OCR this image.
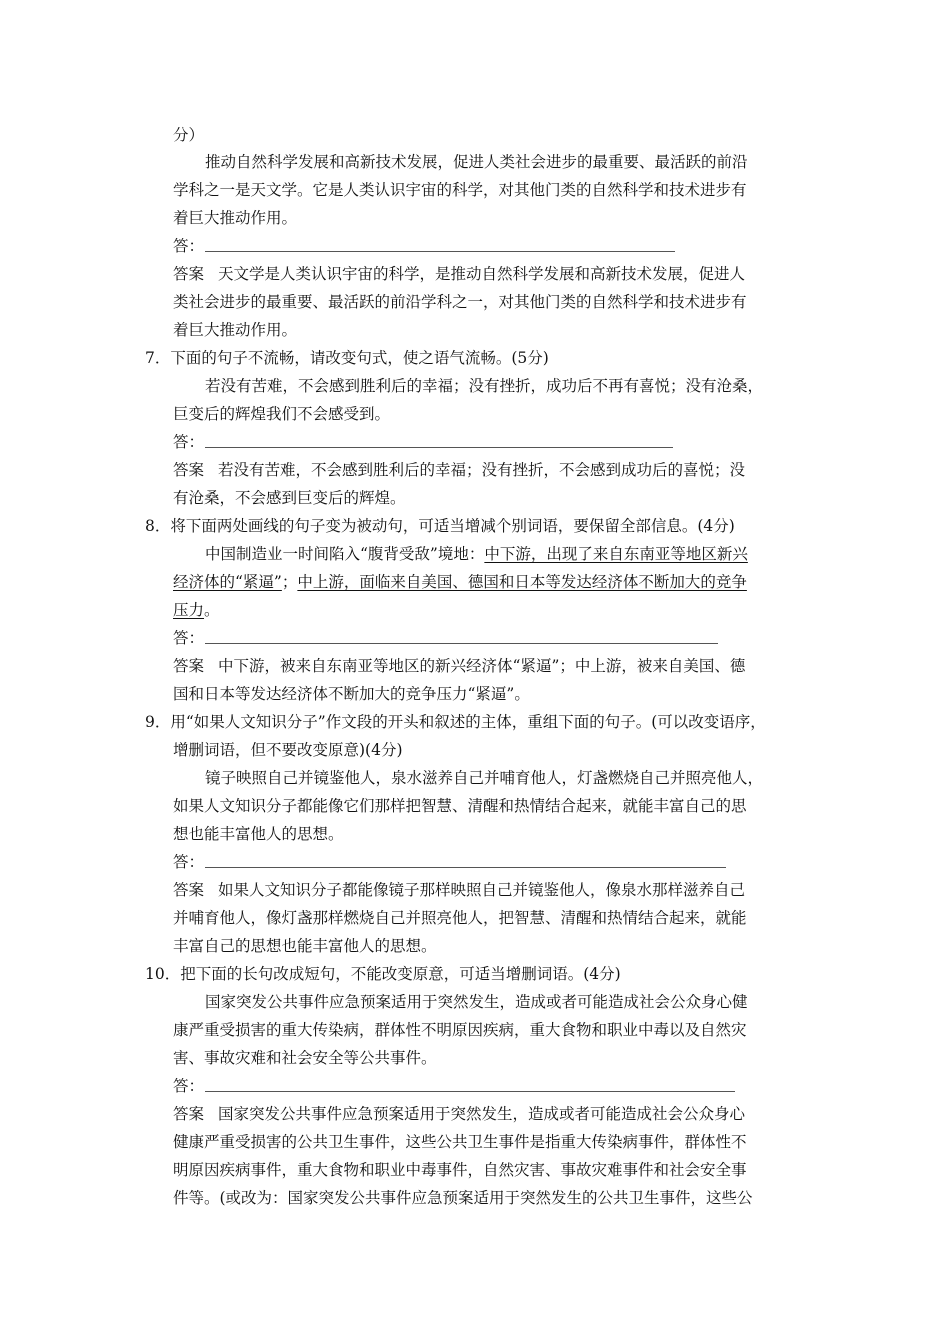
分）
推动自然科学发展和高新技术发展，促进人类社会进步的最重要、最活跃的前沿
学科之一是天文学。它是人类认识宇宙的科学，对其他门类的自然科学和技术进步有
着巨大推动作用。
答：
答案 天文学是人类认识宇宙的科学，是推动自然科学发展和高新技术发展，促进人
类社会进步的最重要、最活跃的前沿学科之一，对其他门类的自然科学和技术进步有
着巨大推动作用。
7．下面的句子不流畅，请改变句式，使之语气流畅。(5分)
若没有苦难，不会感到胜利后的幸福；没有挫折，成功后不再有喜悦；没有沧桑，
巨变后的辉煌我们不会感受到。
答：
答案 若没有苦难，不会感到胜利后的幸福；没有挫折，不会感到成功后的喜悦；没
有沧桑，不会感到巨变后的辉煌。
8．将下面两处画线的句子变为被动句，可适当增减个别词语，要保留全部信息。(4分)
中国制造业一时间陷入“腹背受敌”境地：中下游，出现了来自东南亚等地区新兴
经济体的“紧逼”；中上游，面临来自美国、德国和日本等发达经济体不断加大的竞争
压力。
答：
答案 中下游，被来自东南亚等地区的新兴经济体“紧逼”；中上游，被来自美国、德
国和日本等发达经济体不断加大的竞争压力“紧逼”。
9．用“如果人文知识分子”作文段的开头和叙述的主体，重组下面的句子。(可以改变语序，
增删词语，但不要改变原意)(4分)
镜子映照自己并镜鉴他人，泉水滋养自己并哺育他人，灯盏燃烧自己并照亮他人，
如果人文知识分子都能像它们那样把智慧、清醒和热情结合起来，就能丰富自己的思
想也能丰富他人的思想。
答：
答案 如果人文知识分子都能像镜子那样映照自己并镜鉴他人，像泉水那样滋养自己
并哺育他人，像灯盏那样燃烧自己并照亮他人，把智慧、清醒和热情结合起来，就能
丰富自己的思想也能丰富他人的思想。
10．把下面的长句改成短句，不能改变原意，可适当增删词语。(4分)
国家突发公共事件应急预案适用于突然发生，造成或者可能造成社会公众身心健
康严重受损害的重大传染病，群体性不明原因疾病，重大食物和职业中毒以及自然灾
害、事故灾难和社会安全等公共事件。
答：
答案 国家突发公共事件应急预案适用于突然发生，造成或者可能造成社会公众身心
健康严重受损害的公共卫生事件，这些公共卫生事件是指重大传染病事件，群体性不
明原因疾病事件，重大食物和职业中毒事件，自然灾害、事故灾难事件和社会安全事
件等。(或改为：国家突发公共事件应急预案适用于突然发生的公共卫生事件，这些公
